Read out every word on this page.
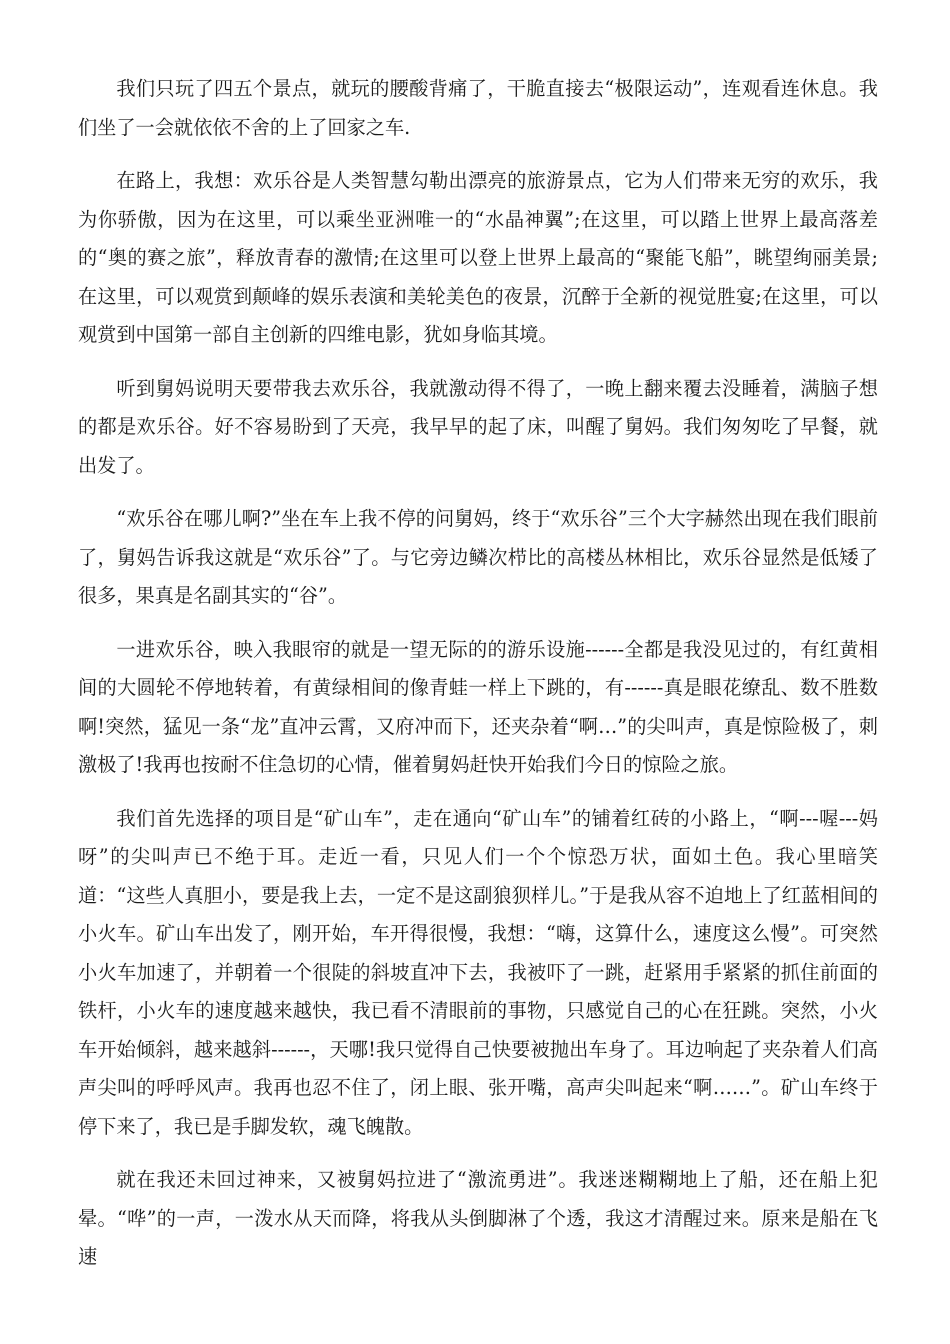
我们只玩了四五个景点，就玩的腰酸背痛了，干脆直接去“极限运动”，连观看连休息。我们坐了一会就依依不舍的上了回家之车.

在路上，我想：欢乐谷是人类智慧勾勒出漂亮的旅游景点，它为人们带来无穷的欢乐，我为你骄傲，因为在这里，可以乘坐亚洲唯一的“水晶神翼”;在这里，可以踏上世界上最高落差的“奥的赛之旅”，释放青春的激情;在这里可以登上世界上最高的“聚能飞船”，眺望绚丽美景;在这里，可以观赏到颠峰的娱乐表演和美轮美色的夜景，沉醉于全新的视觉胜宴;在这里，可以观赏到中国第一部自主创新的四维电影，犹如身临其境。

听到舅妈说明天要带我去欢乐谷，我就激动得不得了，一晚上翻来覆去没睡着，满脑子想的都是欢乐谷。好不容易盼到了天亮，我早早的起了床，叫醒了舅妈。我们匆匆吃了早餐，就出发了。

“欢乐谷在哪儿啊?”坐在车上我不停的问舅妈，终于“欢乐谷”三个大字赫然出现在我们眼前了，舅妈告诉我这就是“欢乐谷”了。与它旁边鳞次栉比的高楼丛林相比，欢乐谷显然是低矮了很多，果真是名副其实的“谷”。

一进欢乐谷，映入我眼帘的就是一望无际的的游乐设施------全都是我没见过的，有红黄相间的大圆轮不停地转着，有黄绿相间的像青蛙一样上下跳的，有------真是眼花缭乱、数不胜数啊!突然，猛见一条“龙”直冲云霄，又府冲而下，还夹杂着“啊…”的尖叫声，真是惊险极了，刺激极了!我再也按耐不住急切的心情，催着舅妈赶快开始我们今日的惊险之旅。

我们首先选择的项目是“矿山车”，走在通向“矿山车”的铺着红砖的小路上，“啊---喔---妈呀”的尖叫声已不绝于耳。走近一看，只见人们一个个惊恐万状，面如土色。我心里暗笑道：“这些人真胆小，要是我上去，一定不是这副狼狈样儿。”于是我从容不迫地上了红蓝相间的小火车。矿山车出发了，刚开始，车开得很慢，我想：“嗨，这算什么，速度这么慢”。可突然小火车加速了，并朝着一个很陡的斜坡直冲下去，我被吓了一跳，赶紧用手紧紧的抓住前面的铁杆，小火车的速度越来越快，我已看不清眼前的事物，只感觉自己的心在狂跳。突然，小火车开始倾斜，越来越斜------，天哪!我只觉得自己快要被抛出车身了。耳边响起了夹杂着人们高声尖叫的呼呼风声。我再也忍不住了，闭上眼、张开嘴，高声尖叫起来“啊……”。矿山车终于停下来了，我已是手脚发软，魂飞魄散。

就在我还未回过神来，又被舅妈拉进了“激流勇进”。我迷迷糊糊地上了船，还在船上犯晕。“哗”的一声，一泼水从天而降，将我从头倒脚淋了个透，我这才清醒过来。原来是船在飞速
